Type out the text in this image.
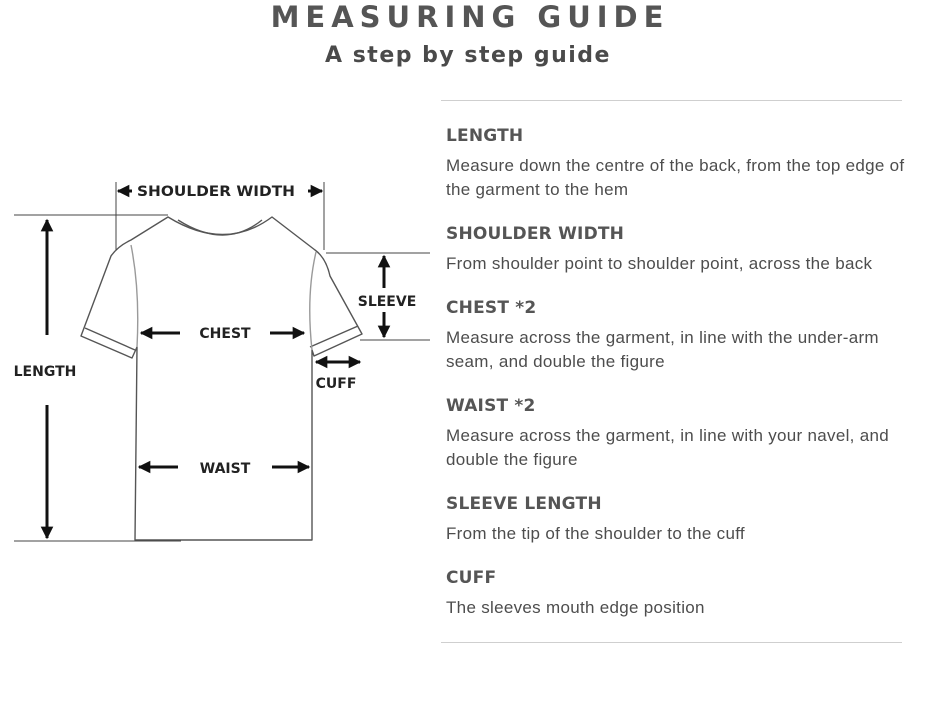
MEASURING GUIDE
A step by step guide
SHOULDER WIDTH
SLEEVE
CHEST
LENGTH
CUFF
WAIST
LENGTH
Measure down the centre of the back, from the top edge of the garment to the hem
SHOULDER WIDTH
From shoulder point to shoulder point, across the back
CHEST *2
Measure across the garment, in line with the under-arm seam, and double the figure
WAIST *2
Measure across the garment, in line with your navel, and double the figure
SLEEVE LENGTH
From the tip of the shoulder to the cuff
CUFF
The sleeves mouth edge position
